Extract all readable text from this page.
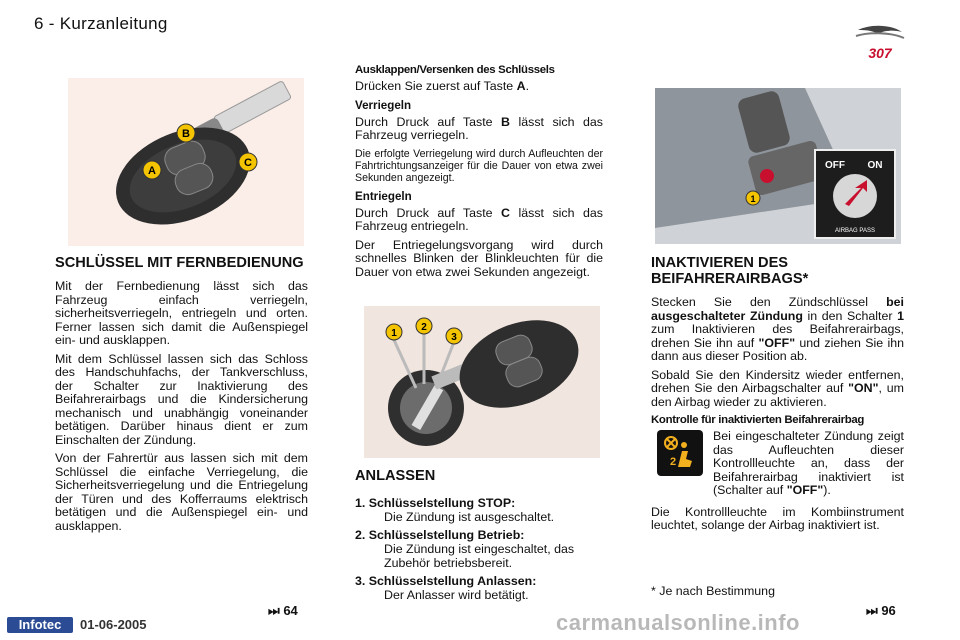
6 - Kurzanleitung
307
B
A
C
SCHLÜSSEL MIT FERNBEDIENUNG

Mit der Fernbedienung lässt sich das Fahrzeug einfach verriegeln, sicherheitsverriegeln, entriegeln und orten. Ferner lassen sich damit die Außenspiegel ein- und ausklappen.

Mit dem Schlüssel lassen sich das Schloss des Handschuhfachs, der Tankverschluss, der Schalter zur Inaktivierung des Beifahrerairbags und die Kindersicherung mechanisch und unabhängig voneinander betätigen. Darüber hinaus dient er zum Einschalten der Zündung.

Von der Fahrertür aus lassen sich mit dem Schlüssel die einfache Verriegelung, die Sicherheitsverriegelung und die Entriegelung der Türen und des Kofferraums elektrisch betätigen und die Außenspiegel ein- und ausklappen.

⏭ 64
Ausklappen/Versenken des Schlüssels

Drücken Sie zuerst auf Taste A.

Verriegeln

Durch Druck auf Taste B lässt sich das Fahrzeug verriegeln.

Die erfolgte Verriegelung wird durch Aufleuchten der Fahrtrichtungsanzeiger für die Dauer von etwa zwei Sekunden angezeigt.

Entriegeln

Durch Druck auf Taste C lässt sich das Fahrzeug entriegeln.

Der Entriegelungsvorgang wird durch schnelles Blinken der Blinkleuchten für die Dauer von etwa zwei Sekunden angezeigt.

1
2
3
ANLASSEN
1. Schlüsselstellung STOP:
Die Zündung ist ausgeschaltet.
2. Schlüsselstellung Betrieb:
Die Zündung ist eingeschaltet, das Zubehör betriebsbereit.
3. Schlüsselstellung Anlassen:
Der Anlasser wird betätigt.
1
OFF ON
AIRBAG PASS
INAKTIVIEREN DES BEIFAHRERAIRBAGS*

Stecken Sie den Zündschlüssel bei ausgeschalteter Zündung in den Schalter 1 zum Inaktivieren des Beifahrerairbags, drehen Sie ihn auf "OFF" und ziehen Sie ihn dann aus dieser Position ab.

Sobald Sie den Kindersitz wieder entfernen, drehen Sie den Airbagschalter auf "ON", um den Airbag wieder zu aktivieren.

Kontrolle für inaktivierten Beifahrerairbag
2

Bei eingeschalteter Zündung zeigt das Aufleuchten dieser Kontrollleuchte an, dass der Beifahrerairbag inaktiviert ist (Schalter auf "OFF").

Die Kontrollleuchte im Kombiinstrument leuchtet, solange der Airbag inaktiviert ist.

* Je nach Bestimmung
⏭ 96
Infotec	01-06-2005	carmanualsonline.info
